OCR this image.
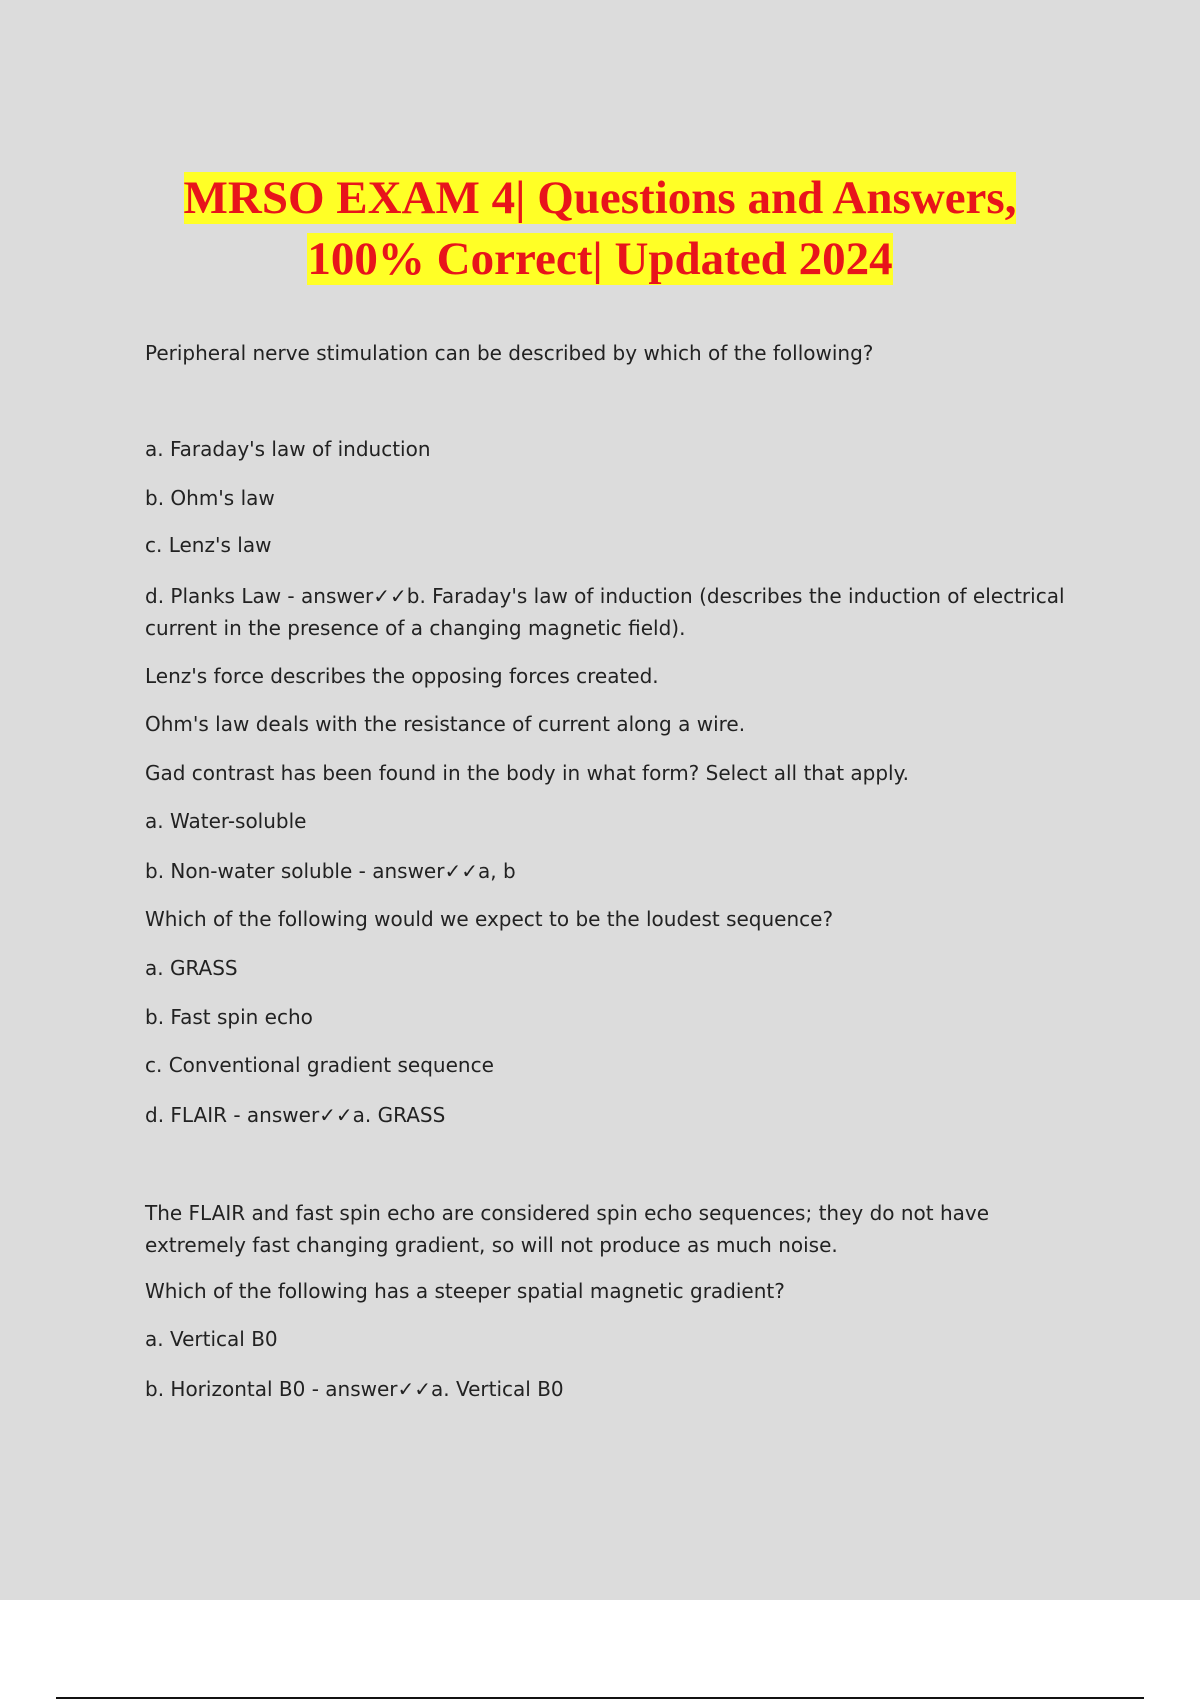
MRSO EXAM 4| Questions and Answers,
100% Correct| Updated 2024
Peripheral nerve stimulation can be described by which of the following?
a. Faraday's law of induction
b. Ohm's law
c. Lenz's law
d. Planks Law - answer✓✓b. Faraday's law of induction (describes the induction of electrical current in the presence of a changing magnetic field).
Lenz's force describes the opposing forces created.
Ohm's law deals with the resistance of current along a wire.
Gad contrast has been found in the body in what form? Select all that apply.
a. Water-soluble
b. Non-water soluble - answer✓✓a, b
Which of the following would we expect to be the loudest sequence?
a. GRASS
b. Fast spin echo
c. Conventional gradient sequence
d. FLAIR - answer✓✓a. GRASS
The FLAIR and fast spin echo are considered spin echo sequences; they do not have extremely fast changing gradient, so will not produce as much noise.
Which of the following has a steeper spatial magnetic gradient?
a. Vertical B0
b. Horizontal B0 - answer✓✓a. Vertical B0
